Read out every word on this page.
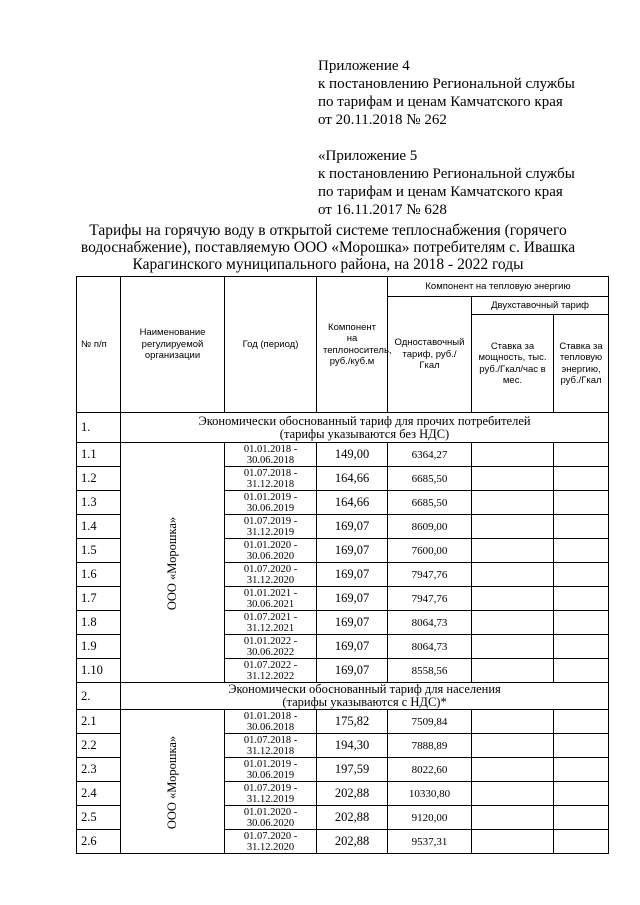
Приложение 4
к постановлению Региональной службы
по тарифам и ценам Камчатского края
от 20.11.2018 № 262
«Приложение 5
к постановлению Региональной службы
по тарифам и ценам Камчатского края
от 16.11.2017 № 628
Тарифы на горячую воду в открытой системе теплоснабжения (горячего
водоснабжение), поставляемую ООО «Морошка» потребителям с. Ивашка
Карагинского муниципального района, на 2018 - 2022 годы
№ п/п	Наименование регулируемой организации	Год (период)	Компонент на теплоноситель, руб./куб.м	Компонент на тепловую энергию		
				Одноставочный тариф, руб./Гкал	Двухставочный тариф	
					Ставка за мощность, тыс. руб./Гкал/час в мес.	Ставка за тепловую энергию, руб./Гкал
1.	Экономически обоснованный тариф для прочих потребителей
(тарифы указываются без НДС)					

1.1	ООО «Морошка»	01.01.2018 -
30.06.2018	149,00	6364,27		
1.2		01.07.2018 -
31.12.2018	164,66	6685,50		
1.3		01.01.2019 -
30.06.2019	164,66	6685,50		
1.4		01.07.2019 -
31.12.2019	169,07	8609,00		
1.5		01.01.2020 -
30.06.2020	169,07	7600,00		
1.6		01.07.2020 -
31.12.2020	169,07	7947,76		
1.7		01.01.2021 -
30.06.2021	169,07	7947,76		
1.8		01.07.2021 -
31.12.2021	169,07	8064,73		
1.9		01.01.2022 -
30.06.2022	169,07	8064,73		
1.10		01.07.2022 -
31.12.2022	169,07	8558,56		
2.	Экономически обоснованный тариф для населения
(тарифы указываются с НДС)*					

2.1	ООО «Морошка»	01.01.2018 -
30.06.2018	175,82	7509,84		
2.2		01.07.2018 -
31.12.2018	194,30	7888,89		
2.3		01.01.2019 -
30.06.2019	197,59	8022,60		
2.4		01.07.2019 -
31.12.2019	202,88	10330,80		
2.5		01.01.2020 -
30.06.2020	202,88	9120,00		
2.6		01.07.2020 -
31.12.2020	202,88	9537,31		
